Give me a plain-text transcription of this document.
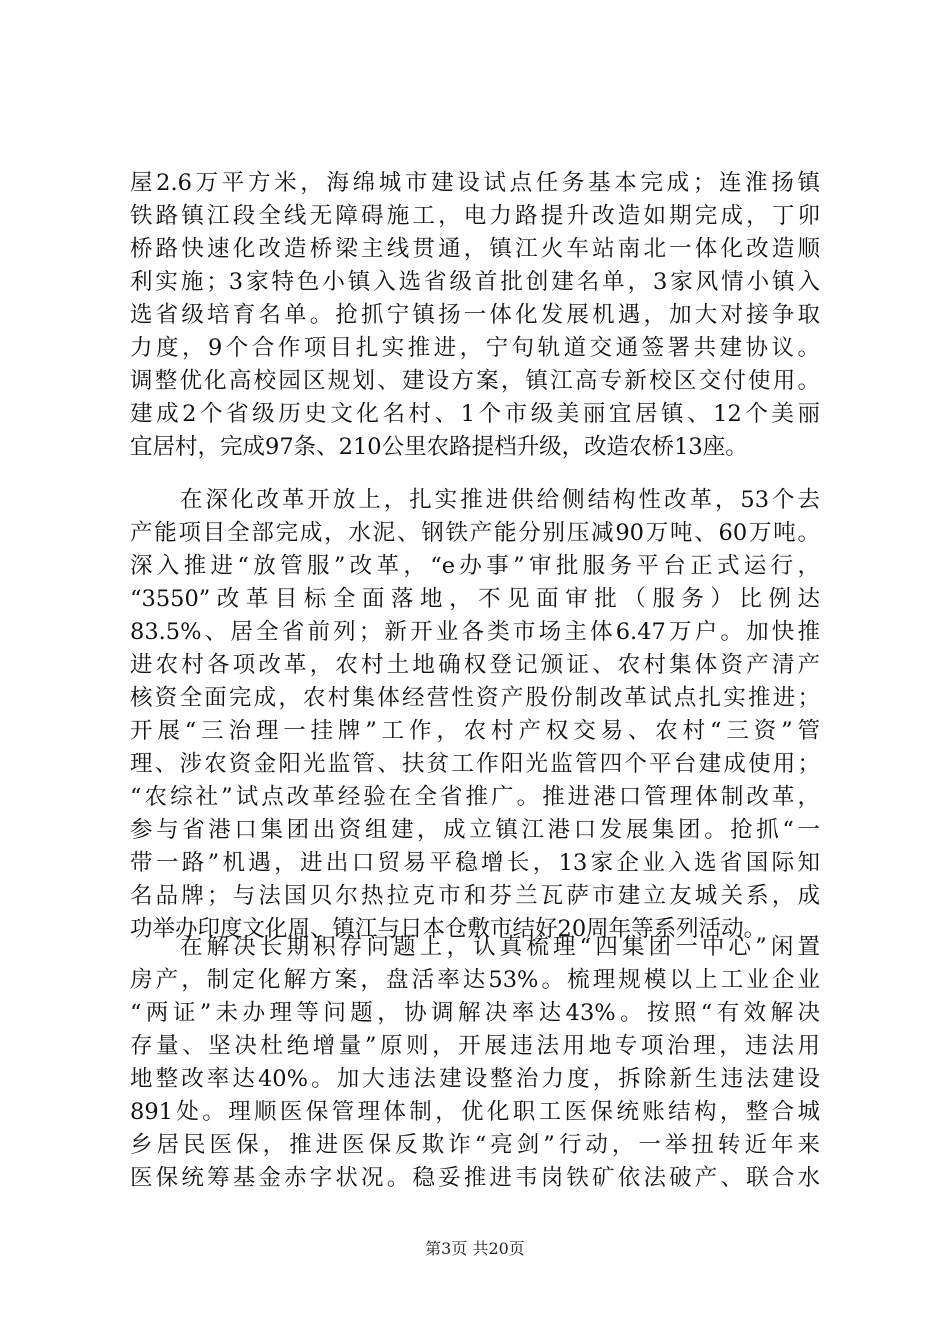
屋2.6万平方米，海绵城市建设试点任务基本完成；连淮扬镇
铁路镇江段全线无障碍施工，电力路提升改造如期完成，丁卯
桥路快速化改造桥梁主线贯通，镇江火车站南北一体化改造顺
利实施；3家特色小镇入选省级首批创建名单，3家风情小镇入
选省级培育名单。抢抓宁镇扬一体化发展机遇，加大对接争取
力度，9个合作项目扎实推进，宁句轨道交通签署共建协议。
调整优化高校园区规划、建设方案，镇江高专新校区交付使用。
建成2个省级历史文化名村、1个市级美丽宜居镇、12个美丽
宜居村，完成97条、210公里农路提档升级，改造农桥13座。
在深化改革开放上，扎实推进供给侧结构性改革，53个去
产能项目全部完成，水泥、钢铁产能分别压减90万吨、60万吨。
深入推进“放管服”改革，“e办事”审批服务平台正式运行，
“3550”改革目标全面落地，不见面审批（服务）比例达
83.5%、居全省前列；新开业各类市场主体6.47万户。加快推
进农村各项改革，农村土地确权登记颁证、农村集体资产清产
核资全面完成，农村集体经营性资产股份制改革试点扎实推进；
开展“三治理一挂牌”工作，农村产权交易、农村“三资”管
理、涉农资金阳光监管、扶贫工作阳光监管四个平台建成使用；
“农综社”试点改革经验在全省推广。推进港口管理体制改革，
参与省港口集团出资组建，成立镇江港口发展集团。抢抓“一
带一路”机遇，进出口贸易平稳增长，13家企业入选省国际知
名品牌；与法国贝尔热拉克市和芬兰瓦萨市建立友城关系，成
功举办印度文化周、镇江与日本仓敷市结好20周年等系列活动。
在解决长期积存问题上，认真梳理“四集团一中心”闲置
房产，制定化解方案，盘活率达53%。梳理规模以上工业企业
“两证”未办理等问题，协调解决率达43%。按照“有效解决
存量、坚决杜绝增量”原则，开展违法用地专项治理，违法用
地整改率达40%。加大违法建设整治力度，拆除新生违法建设
891处。理顺医保管理体制，优化职工医保统账结构，整合城
乡居民医保，推进医保反欺诈“亮剑”行动，一举扭转近年来
医保统筹基金赤字状况。稳妥推进韦岗铁矿依法破产、联合水
第3页 共20页
